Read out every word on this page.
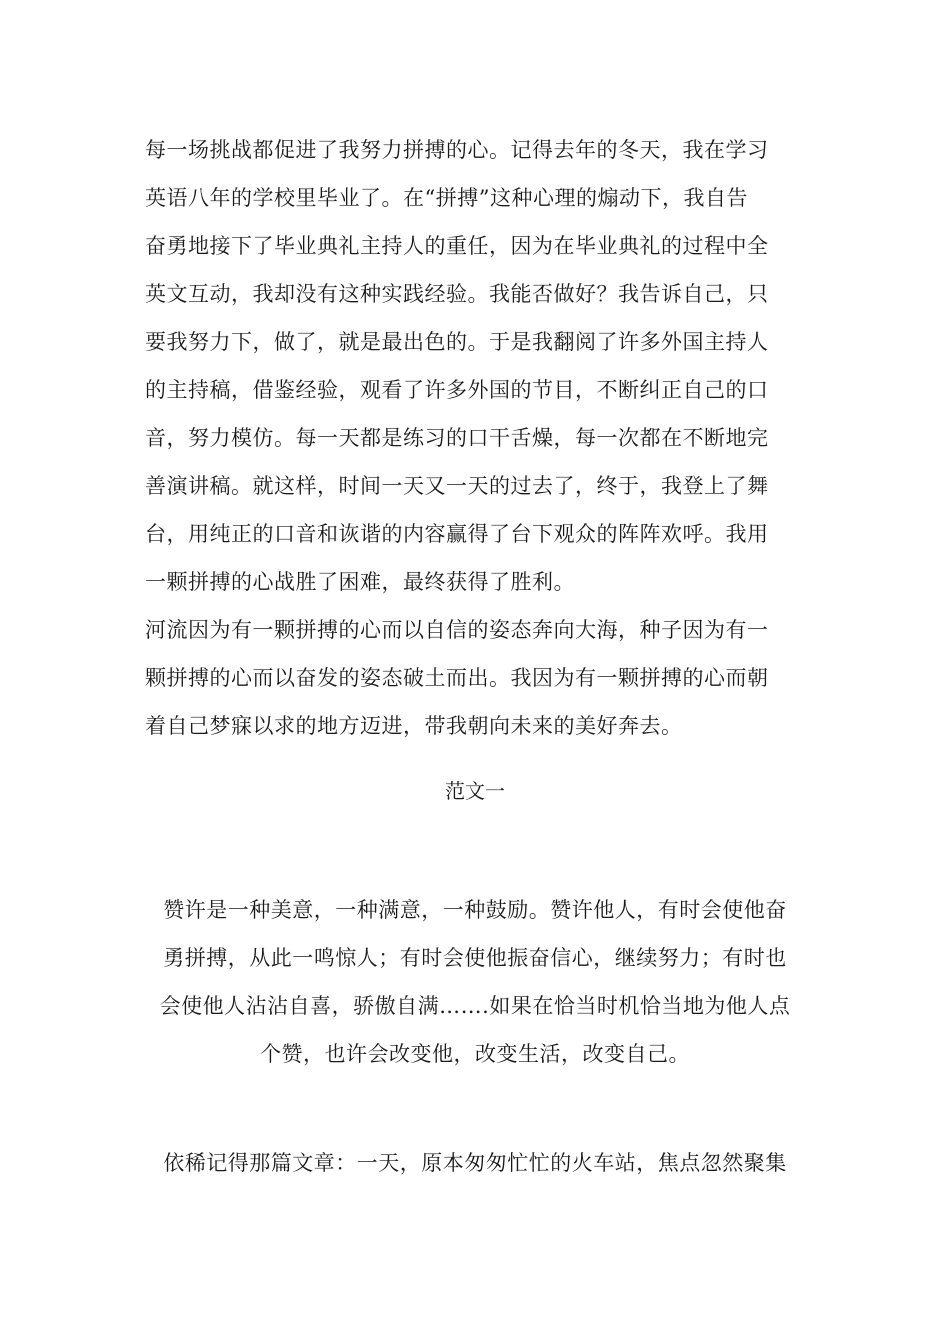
每一场挑战都促进了我努力拼搏的心。记得去年的冬天，我在学习
英语八年的学校里毕业了。在“拼搏”这种心理的煽动下，我自告
奋勇地接下了毕业典礼主持人的重任，因为在毕业典礼的过程中全
英文互动，我却没有这种实践经验。我能否做好？我告诉自己，只
要我努力下，做了，就是最出色的。于是我翻阅了许多外国主持人
的主持稿，借鉴经验，观看了许多外国的节目，不断纠正自己的口
音，努力模仿。每一天都是练习的口干舌燥，每一次都在不断地完
善演讲稿。就这样，时间一天又一天的过去了，终于，我登上了舞
台，用纯正的口音和诙谐的内容赢得了台下观众的阵阵欢呼。我用
一颗拼搏的心战胜了困难，最终获得了胜利。
河流因为有一颗拼搏的心而以自信的姿态奔向大海，种子因为有一
颗拼搏的心而以奋发的姿态破土而出。我因为有一颗拼搏的心而朝
着自己梦寐以求的地方迈进，带我朝向未来的美好奔去。
范文一
赞许是一种美意，一种满意，一种鼓励。赞许他人，有时会使他奋
勇拼搏，从此一鸣惊人；有时会使他振奋信心，继续努力；有时也
会使他人沾沾自喜，骄傲自满…….如果在恰当时机恰当地为他人点
个赞，也许会改变他，改变生活，改变自己。
依稀记得那篇文章：一天，原本匆匆忙忙的火车站，焦点忽然聚集
